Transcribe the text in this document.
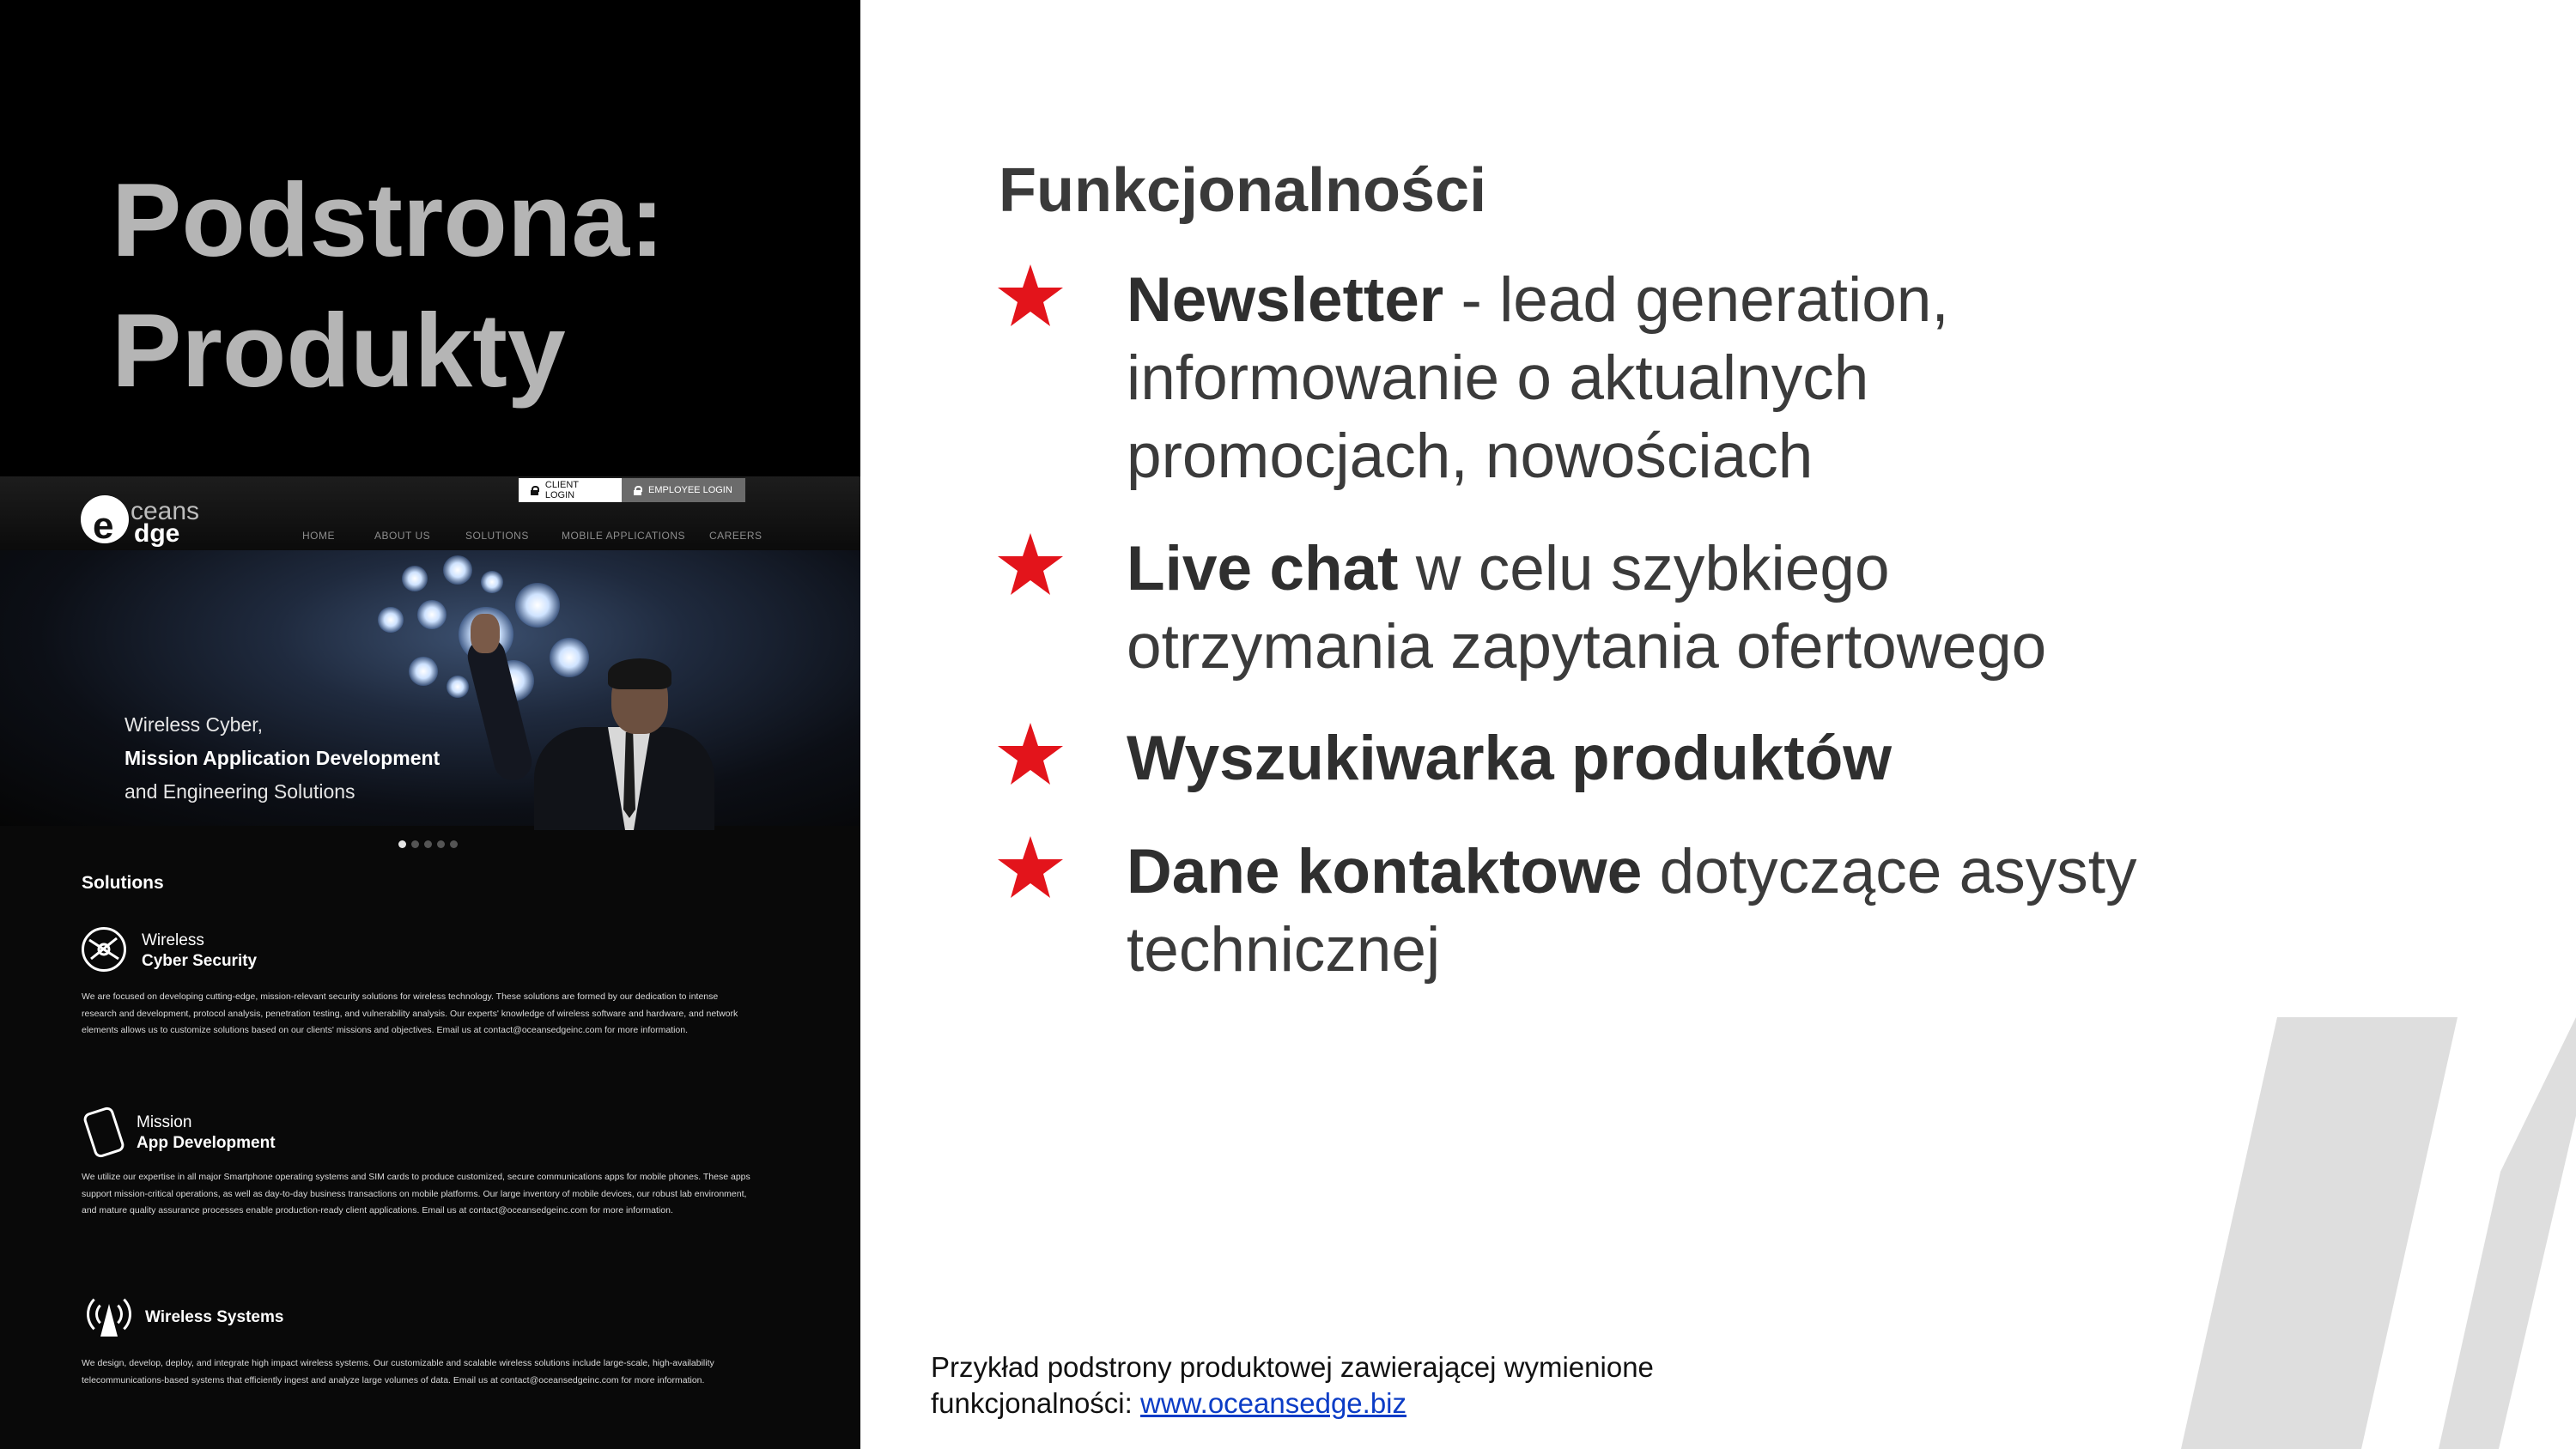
Podstrona:
Produkty
e ceans
dge
CLIENT LOGIN	EMPLOYEE LOGIN
HOME	ABOUT US	SOLUTIONS	MOBILE APPLICATIONS	CAREERS
Wireless Cyber,
Mission Application Development
and Engineering Solutions
Solutions
Wireless
Cyber Security
We are focused on developing cutting-edge, mission-relevant security solutions for wireless technology. These solutions are formed by our dedication to intense research and development, protocol analysis, penetration testing, and vulnerability analysis. Our experts' knowledge of wireless software and hardware, and network elements allows us to customize solutions based on our clients' missions and objectives. Email us at contact@oceansedgeinc.com for more information.
Mission
App Development
We utilize our expertise in all major Smartphone operating systems and SIM cards to produce customized, secure communications apps for mobile phones. These apps support mission-critical operations, as well as day-to-day business transactions on mobile platforms. Our large inventory of mobile devices, our robust lab environment, and mature quality assurance processes enable production-ready client applications. Email us at contact@oceansedgeinc.com for more information.
Wireless Systems
We design, develop, deploy, and integrate high impact wireless systems. Our customizable and scalable wireless solutions include large-scale, high-availability telecommunications-based systems that efficiently ingest and analyze large volumes of data. Email us at contact@oceansedgeinc.com for more information.
Funkcjonalności
Newsletter - lead generation,
informowanie o aktualnych
promocjach, nowościach
Live chat w celu szybkiego
otrzymania zapytania ofertowego
Wyszukiwarka produktów
Dane kontaktowe dotyczące asysty
technicznej
Przykład podstrony produktowej zawierającej wymienione
funkcjonalności: www.oceansedge.biz
